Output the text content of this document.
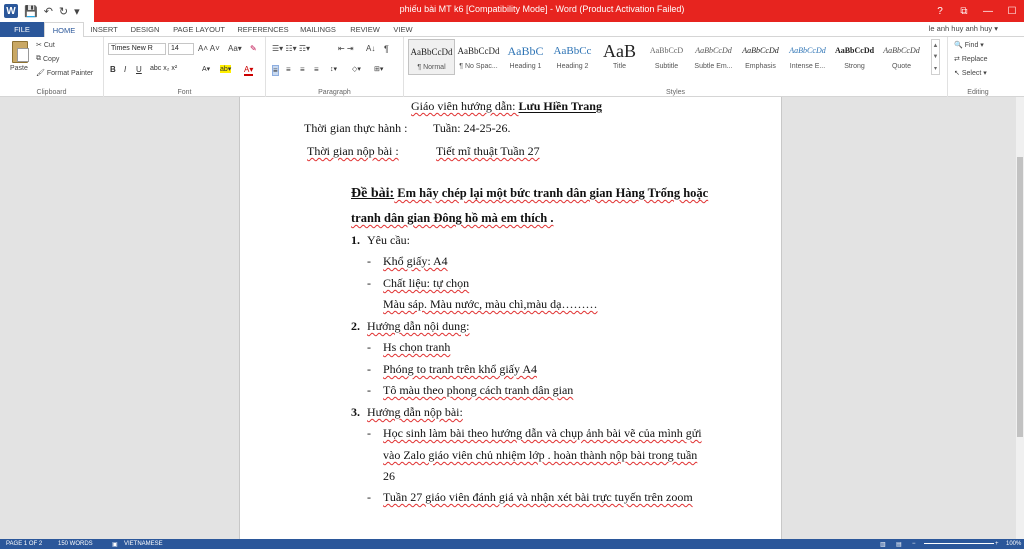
W 💾 ↶ ↻ ▾	phiếu bài MT k6 [Compatibility Mode] - Word (Product Activation Failed)	?	⧉	—	☐
FILE	HOME	INSERT	DESIGN	PAGE LAYOUT	REFERENCES	MAILINGS	REVIEW	VIEW	le anh huy anh huy ▾
Paste
✂ Cut
⧉ Copy
🖌 Format Painter
Clipboard
Times New R	14	A˄ A˅ Aa▾ ✎
B I U abc x₂ x²	A▾ ab▾ A▾
Font
☰▾ ☷▾ ☶▾	⇤ ⇥ A↓ ¶
≡ ≡ ≡ ≡ ↕▾ ◇▾ ⊞▾
Paragraph
AaBbCcDd
¶ Normal
AaBbCcDd
¶ No Spac...
AaBbC
Heading 1
AaBbCc
Heading 2
AaB
Title
AaBbCcD
Subtitle
AaBbCcDd
Subtle Em...
AaBbCcDd
Emphasis
AaBbCcDd
Intense E...
AaBbCcDd
Strong
AaBbCcDd
Quote
▲
▼
▾
Styles
🔍 Find ▾
⇄ Replace
↖ Select ▾
Editing
Giáo viên hướng dẫn: Lưu Hiền Trang
Thời gian thực hành : Tuần: 24-25-26.
Thời gian nộp bài :	Tiết mĩ thuật Tuần 27
Đề bài: Em hãy chép lại một bức tranh dân gian Hàng Trống hoặc
tranh dân gian Đông hồ mà em thích .
1. Yêu cầu:
- Khổ giấy: A4
- Chất liệu: tự chọn
Màu sáp. Màu nước, màu chì,màu dạ………
2. Hướng dẫn nội dung:
- Hs chọn tranh
- Phóng to tranh trên khổ giấy A4
- Tô màu theo phong cách tranh dân gian
3. Hướng dẫn nộp bài:
- Học sinh làm bài theo hướng dẫn và chụp ảnh bài vẽ của mình gửi
vào Zalo giáo viên chủ nhiệm lớp . hoàn thành nộp bài trong tuần
26
- Tuần 27 giáo viên đánh giá và nhận xét bài trực tuyến trên zoom
PAGE 1 OF 2	150 WORDS	▣ VIETNAMESE	▥ ▤ −	+ 100%
